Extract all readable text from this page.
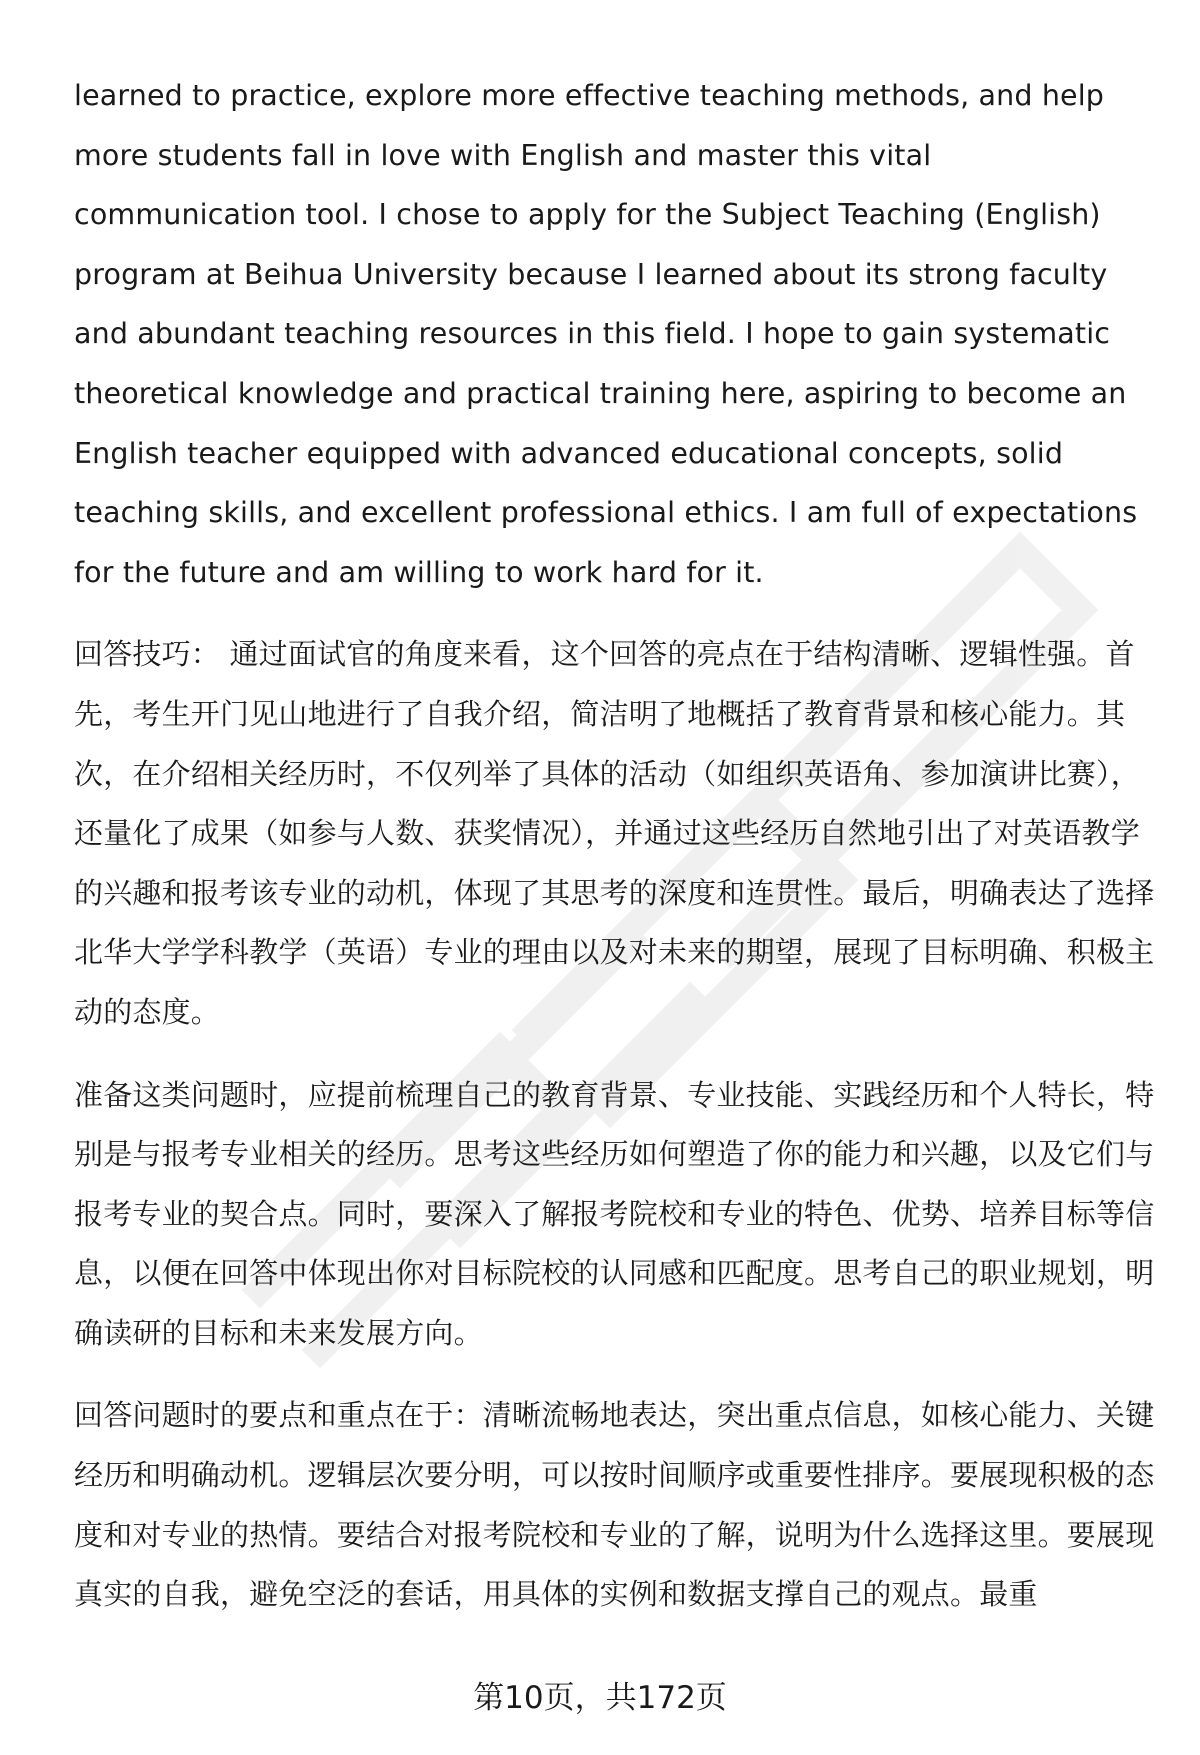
learned to practice, explore more effective teaching methods, and help more students fall in love with English and master this vital communication tool. I chose to apply for the Subject Teaching (English) program at Beihua University because I learned about its strong faculty and abundant teaching resources in this field. I hope to gain systematic theoretical knowledge and practical training here, aspiring to become an English teacher equipped with advanced educational concepts, solid teaching skills, and excellent professional ethics. I am full of expectations for the future and am willing to work hard for it.

回答技巧： 通过面试官的角度来看，这个回答的亮点在于结构清晰、逻辑性强。首先，考生开门见山地进行了自我介绍，简洁明了地概括了教育背景和核心能力。其次，在介绍相关经历时，不仅列举了具体的活动（如组织英语角、参加演讲比赛），还量化了成果（如参与人数、获奖情况），并通过这些经历自然地引出了对英语教学的兴趣和报考该专业的动机，体现了其思考的深度和连贯性。最后，明确表达了选择北华大学学科教学（英语）专业的理由以及对未来的期望，展现了目标明确、积极主动的态度。

准备这类问题时，应提前梳理自己的教育背景、专业技能、实践经历和个人特长，特别是与报考专业相关的经历。思考这些经历如何塑造了你的能力和兴趣，以及它们与报考专业的契合点。同时，要深入了解报考院校和专业的特色、优势、培养目标等信息，以便在回答中体现出你对目标院校的认同感和匹配度。思考自己的职业规划，明确读研的目标和未来发展方向。

回答问题时的要点和重点在于：清晰流畅地表达，突出重点信息，如核心能力、关键经历和明确动机。逻辑层次要分明，可以按时间顺序或重要性排序。要展现积极的态度和对专业的热情。要结合对报考院校和专业的了解，说明为什么选择这里。要展现真实的自我，避免空泛的套话，用具体的实例和数据支撑自己的观点。最重

第10页，共172页
